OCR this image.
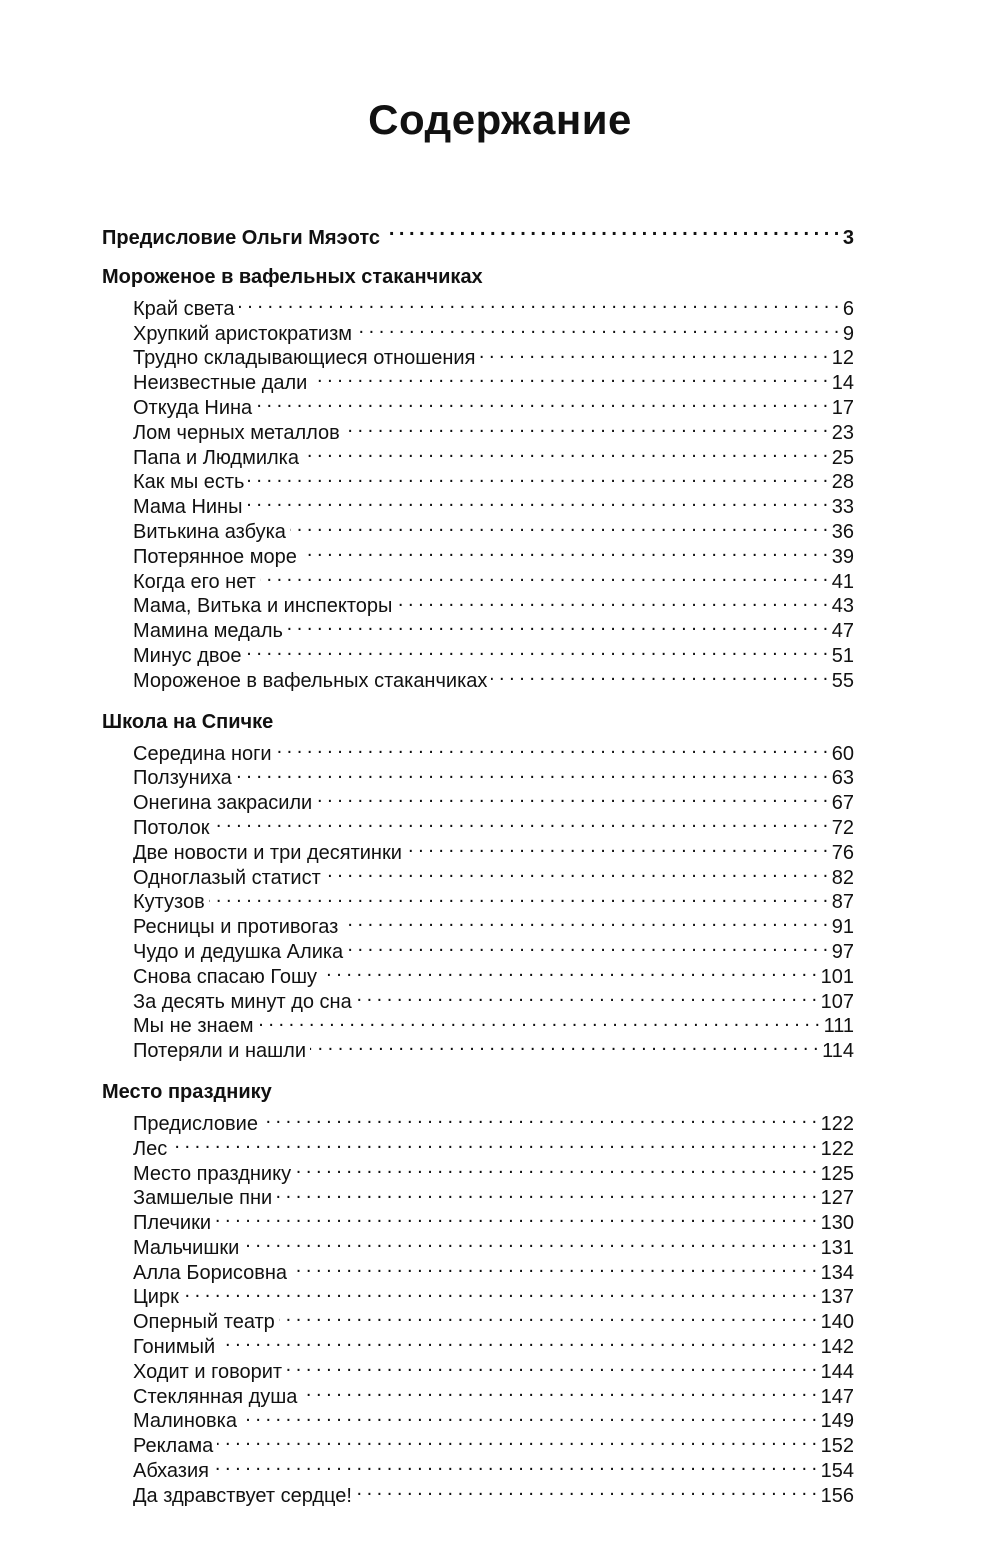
Содержание
Предисловие Ольги Мяэотс . . .	3
Мороженое в вафельных стаканчиках
Край света . . .	6
Хрупкий аристократизм . . .	9
Трудно складывающиеся отношения . . .	12
Неизвестные дали . . .	14
Откуда Нина . . .	17
Лом черных металлов . . .	23
Папа и Людмилка . . .	25
Как мы есть . . .	28
Мама Нины . . .	33
Витькина азбука . . .	36
Потерянное море . . .	39
Когда его нет . . .	41
Мама, Витька и инспекторы . . .	43
Мамина медаль . . .	47
Минус двое . . .	51
Мороженое в вафельных стаканчиках . . .	55
Школа на Спичке
Середина ноги . . .	60
Ползуниха . . .	63
Онегина закрасили . . .	67
Потолок . . .	72
Две новости и три десятинки . . .	76
Одноглазый статист . . .	82
Кутузов . . .	87
Ресницы и противогаз . . .	91
Чудо и дедушка Алика . . .	97
Снова спасаю Гошу . . .	101
За десять минут до сна . . .	107
Мы не знаем . . .	111
Потеряли и нашли . . .	114
Место празднику
Предисловие . . .	122
Лес . . .	122
Место празднику . . .	125
Замшелые пни . . .	127
Плечики . . .	130
Мальчишки . . .	131
Алла Борисовна . . .	134
Цирк . . .	137
Оперный театр . . .	140
Гонимый . . .	142
Ходит и говорит . . .	144
Стеклянная душа . . .	147
Малиновка . . .	149
Реклама . . .	152
Абхазия . . .	154
Да здравствует сердце! . . .	156
